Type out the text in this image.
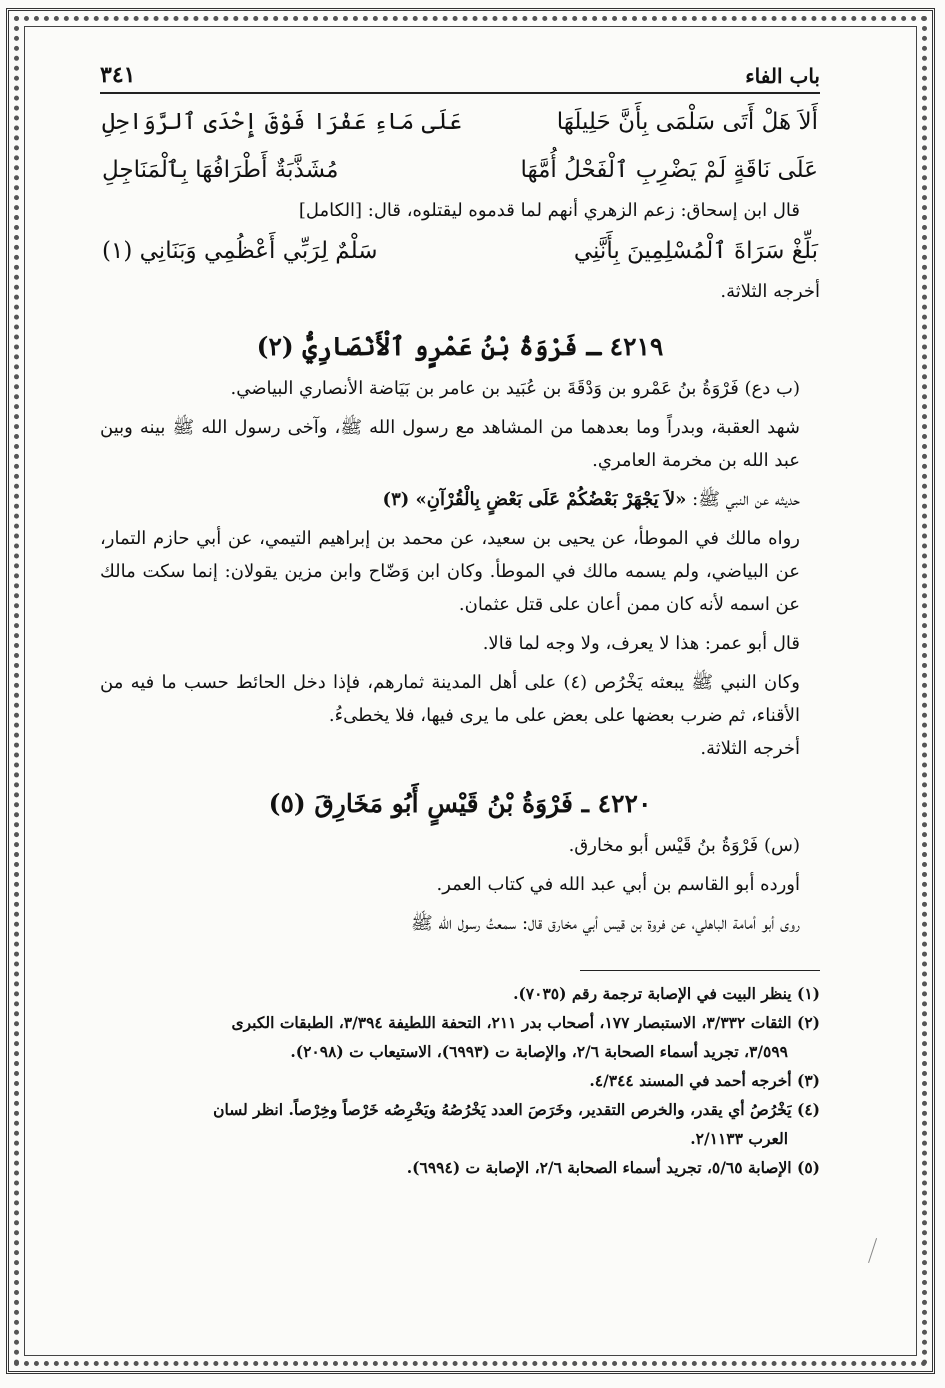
باب الفاء
٣٤١
أَلاَ هَلْ أَتَى سَلْمَى بِأَنَّ حَلِيلَهَا
عَلَى مَاءِ عَفْرَا فَوْقَ إِحْدَى ٱلرَّوَاحِلِ
عَلَى نَاقَةٍ لَمْ يَضْرِبِ ٱلْفَحْلُ أُمَّهَا
مُشَذَّبَةٌ أَطْرَافُهَا بِٱلْمَنَاجِلِ

قال ابن إسحاق: زعم الزهري أنهم لما قدموه ليقتلوه، قال: [الكامل]

بَلِّغْ سَرَاةَ ٱلْمُسْلِمِينَ بِأَنَّنِي
سَلْمٌ لِرَبِّي أَعْظُمِي وَبَنَانِي (١)

أخرجه الثلاثة.

٤٢١٩ ـ فَرْوَةُ بْنُ عَمْرٍو ٱلْأَنْصَارِيُّ (٢)

(ب دع) فَرْوَةُ بنُ عَمْرو بن وَدْقَةَ بن عُبَيد بن عامر بن بَيَاضة الأنصاري البياضي.

شهد العقبة، وبدراً وما بعدهما من المشاهد مع رسول الله ﷺ، وآخى رسول الله ﷺ بينه وبين عبد الله بن مخرمة العامري.

حديثه عن النبي ﷺ: «لاَ يَجْهَرْ بَعْضُكُمْ عَلَى بَعْضٍ بِالْقُرْآنِ» (٣)

رواه مالك في الموطأ، عن يحيى بن سعيد، عن محمد بن إبراهيم التيمي، عن أبي حازم التمار، عن البياضي، ولم يسمه مالك في الموطأ. وكان ابن وَضّاح وابن مزين يقولان: إنما سكت مالك عن اسمه لأنه كان ممن أعان على قتل عثمان.

قال أبو عمر: هذا لا يعرف، ولا وجه لما قالا.

وكان النبي ﷺ يبعثه يَخْرُص (٤) على أهل المدينة ثمارهم، فإذا دخل الحائط حسب ما فيه من الأقناء، ثم ضرب بعضها على بعض على ما يرى فيها، فلا يخطىءُ.

أخرجه الثلاثة.

٤٢٢٠ ـ فَرْوَةُ بْنُ قَيْسٍ أَبُو مَخَارِقَ (٥)

(س) فَرْوَةُ بنُ قَيْس أبو مخارق.

أورده أبو القاسم بن أبي عبد الله في كتاب العمر.

روى أبو أمامة الباهلي، عن فروة بن قيس أبي مخارق قال: سمعتُ رسول الله ﷺ

(١) ينظر البيت في الإصابة ترجمة رقم (٧٠٣٥).

(٢) الثقات ٣/٣٣٢، الاستبصار ١٧٧، أصحاب بدر ٢١١، التحفة اللطيفة ٣/٣٩٤، الطبقات الكبرى

٣/٥٩٩، تجريد أسماء الصحابة ٢/٦، والإصابة ت (٦٩٩٣)، الاستيعاب ت (٢٠٩٨).

(٣) أخرجه أحمد في المسند ٤/٣٤٤.

(٤) يَخْرُصُ أي يقدر، والخرص التقدير، وخَرَصَ العدد يَخْرُصُهُ ويَخْرِصُه خَرْصاً وخِرْصاً. انظر لسان

العرب ٢/١١٣٣.

(٥) الإصابة ٥/٦٥، تجريد أسماء الصحابة ٢/٦، الإصابة ت (٦٩٩٤).
